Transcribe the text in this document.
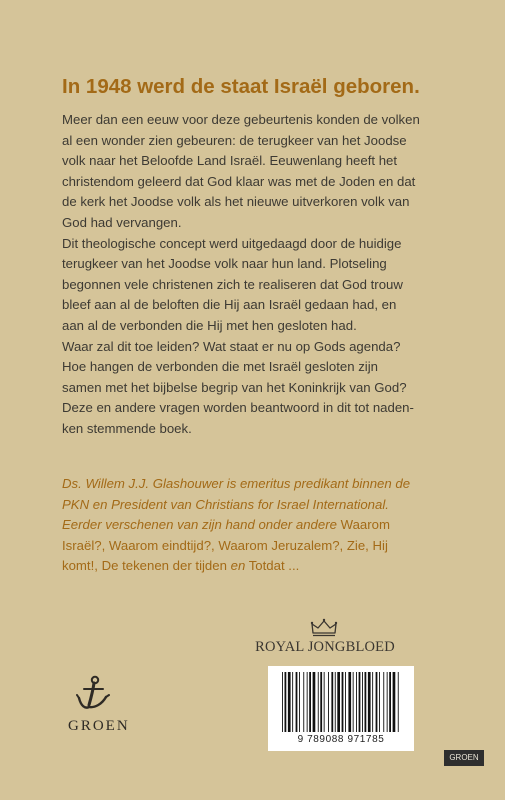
In 1948 werd de staat Israël geboren.
Meer dan een eeuw voor deze gebeurtenis konden de volken
al een wonder zien gebeuren: de terugkeer van het Joodse
volk naar het Beloofde Land Israël. Eeuwenlang heeft het
christendom geleerd dat God klaar was met de Joden en dat
de kerk het Joodse volk als het nieuwe uitverkoren volk van
God had vervangen.
Dit theologische concept werd uitgedaagd door de huidige
terugkeer van het Joodse volk naar hun land. Plotseling
begonnen vele christenen zich te realiseren dat God trouw
bleef aan al de beloften die Hij aan Israël gedaan had, en
aan al de verbonden die Hij met hen gesloten had.
Waar zal dit toe leiden? Wat staat er nu op Gods agenda?
Hoe hangen de verbonden die met Israël gesloten zijn
samen met het bijbelse begrip van het Koninkrijk van God?
Deze en andere vragen worden beantwoord in dit tot naden-
ken stemmende boek.
Ds. Willem J.J. Glashouwer is emeritus predikant binnen de
PKN en President van Christians for Israel International.
Eerder verschenen van zijn hand onder andere Waarom
Israël?, Waarom eindtijd?, Waarom Jeruzalem?, Zie, Hij
komt!, De tekenen der tijden en Totdat ...
ROYAL JONGBLOED
GROEN
9 789088 971785
GROEN
